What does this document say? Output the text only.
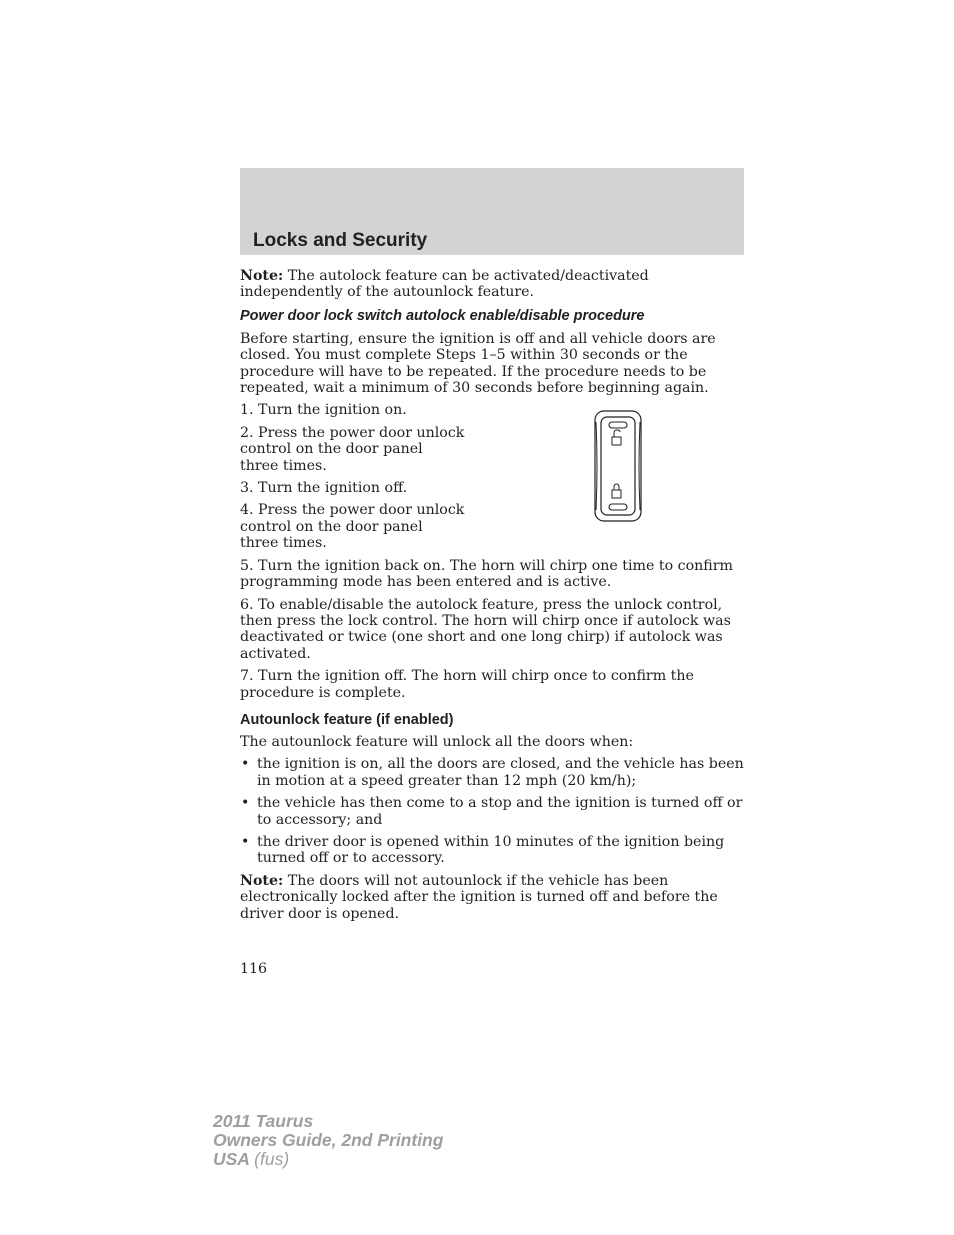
Locks and Security

Note: The autolock feature can be activated/deactivated independently of the autounlock feature.

Power door lock switch autolock enable/disable procedure

Before starting, ensure the ignition is off and all vehicle doors are closed. You must complete Steps 1–5 within 30 seconds or the procedure will have to be repeated. If the procedure needs to be repeated, wait a minimum of 30 seconds before beginning again.

1. Turn the ignition on.

2. Press the power door unlock control on the door panel three times.

3. Turn the ignition off.

4. Press the power door unlock control on the door panel three times.

5. Turn the ignition back on. The horn will chirp one time to confirm programming mode has been entered and is active.

6. To enable/disable the autolock feature, press the unlock control, then press the lock control. The horn will chirp once if autolock was deactivated or twice (one short and one long chirp) if autolock was activated.

7. Turn the ignition off. The horn will chirp once to confirm the procedure is complete.

Autounlock feature (if enabled)

The autounlock feature will unlock all the doors when:

• the ignition is on, all the doors are closed, and the vehicle has been in motion at a speed greater than 12 mph (20 km/h);
• the vehicle has then come to a stop and the ignition is turned off or to accessory; and
• the driver door is opened within 10 minutes of the ignition being turned off or to accessory.

Note: The doors will not autounlock if the vehicle has been electronically locked after the ignition is turned off and before the driver door is opened.

116
2011 Taurus
Owners Guide, 2nd Printing
USA (fus)
